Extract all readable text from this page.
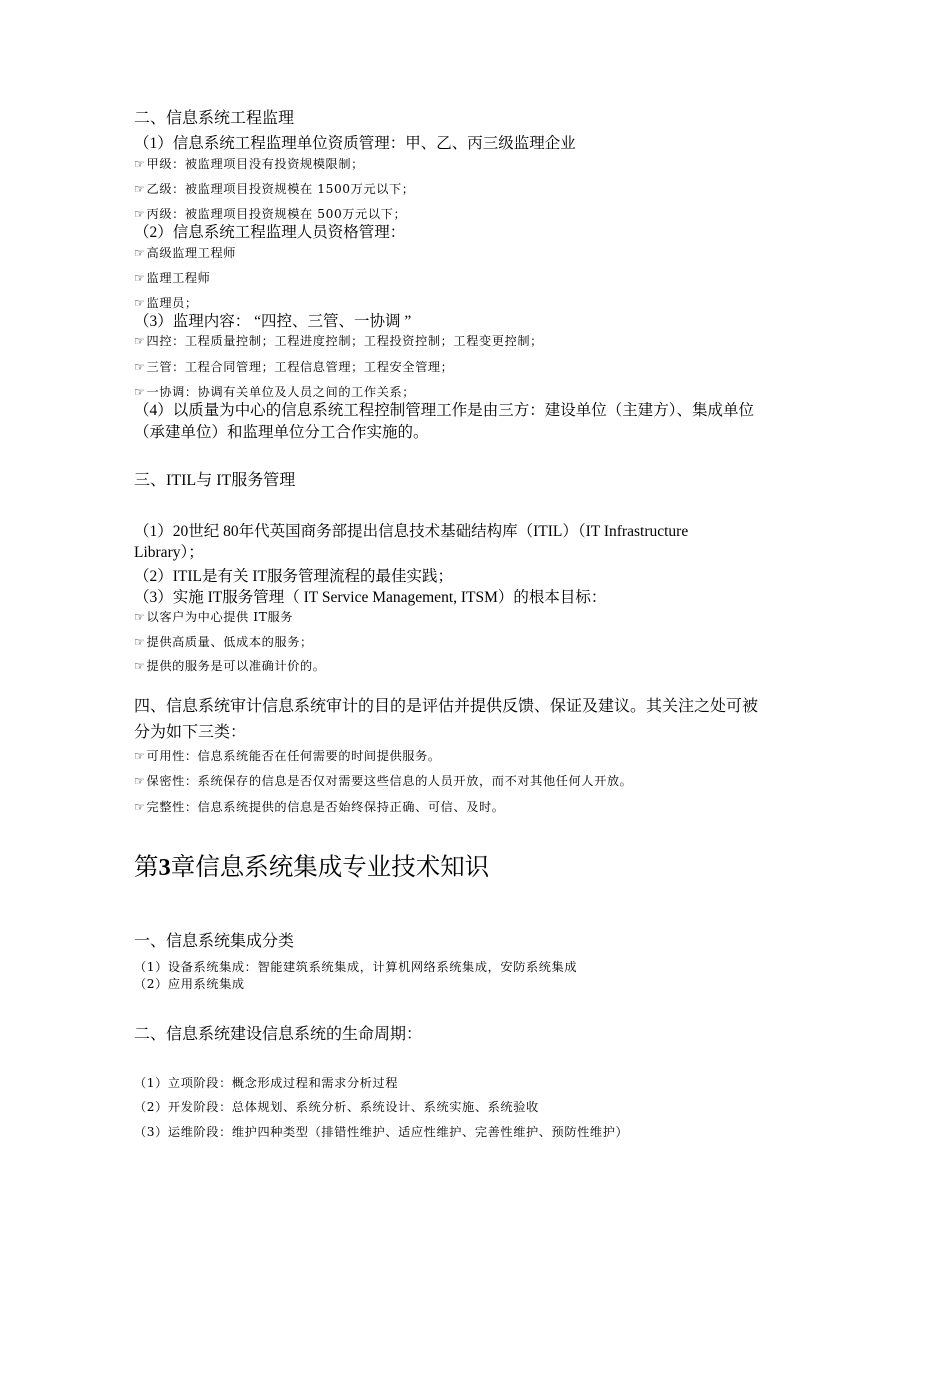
二、信息系统工程监理
（1）信息系统工程监理单位资质管理：甲、乙、丙三级监理企业
☞甲级：被监理项目没有投资规模限制；
☞乙级：被监理项目投资规模在 1500万元以下；
☞丙级：被监理项目投资规模在 500万元以下；
（2）信息系统工程监理人员资格管理：
☞高级监理工程师
☞监理工程师
☞监理员；
（3）监理内容： “四控、三管、一协调 ”
☞四控：工程质量控制；工程进度控制；工程投资控制；工程变更控制；
☞三管：工程合同管理；工程信息管理；工程安全管理；
☞一协调：协调有关单位及人员之间的工作关系；
（4）以质量为中心的信息系统工程控制管理工作是由三方：建设单位（主建方）、集成单位
（承建单位）和监理单位分工合作实施的。
三、ITIL与 IT服务管理
（1）20世纪 80年代英国商务部提出信息技术基础结构库（ITIL）（IT Infrastructure
Library）；
（2）ITIL是有关 IT服务管理流程的最佳实践；
（3）实施 IT服务管理（ IT Service Management, ITSM）的根本目标：
☞以客户为中心提供 IT服务
☞提供高质量、低成本的服务；
☞提供的服务是可以准确计价的。
四、信息系统审计信息系统审计的目的是评估并提供反馈、保证及建议。其关注之处可被
分为如下三类：
☞可用性：信息系统能否在任何需要的时间提供服务。
☞保密性：系统保存的信息是否仅对需要这些信息的人员开放，而不对其他任何人开放。
☞完整性：信息系统提供的信息是否始终保持正确、可信、及时。
第3章信息系统集成专业技术知识
一、信息系统集成分类
（1）设备系统集成：智能建筑系统集成，计算机网络系统集成，安防系统集成
（2）应用系统集成
二、信息系统建设信息系统的生命周期：
（1）立项阶段：概念形成过程和需求分析过程
（2）开发阶段：总体规划、系统分析、系统设计、系统实施、系统验收
（3）运维阶段：维护四种类型（排错性维护、适应性维护、完善性维护、预防性维护）
